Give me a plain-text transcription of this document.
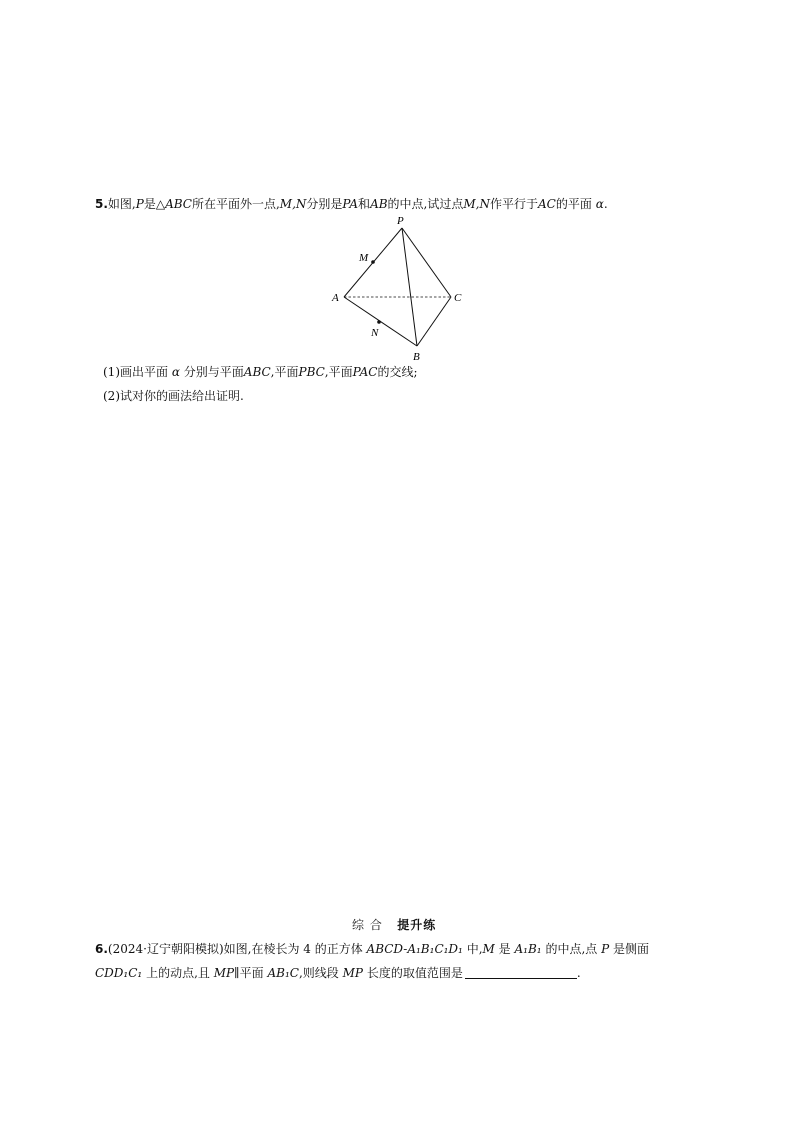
5.如图,P是△ABC所在平面外一点,M,N分别是PA和AB的中点,试过点M,N作平行于AC的平面 α.
P
M
A	C
N
B
(1)画出平面 α 分别与平面ABC,平面PBC,平面PAC的交线;
(2)试对你的画法给出证明.
综 合 提升练
6.(2024·辽宁朝阳模拟)如图,在棱长为 4 的正方体 ABCD-A₁B₁C₁D₁ 中,M 是 A₁B₁ 的中点,点 P 是侧面
CDD₁C₁ 上的动点,且 MP∥平面 AB₁C,则线段 MP 长度的取值范围是	.
